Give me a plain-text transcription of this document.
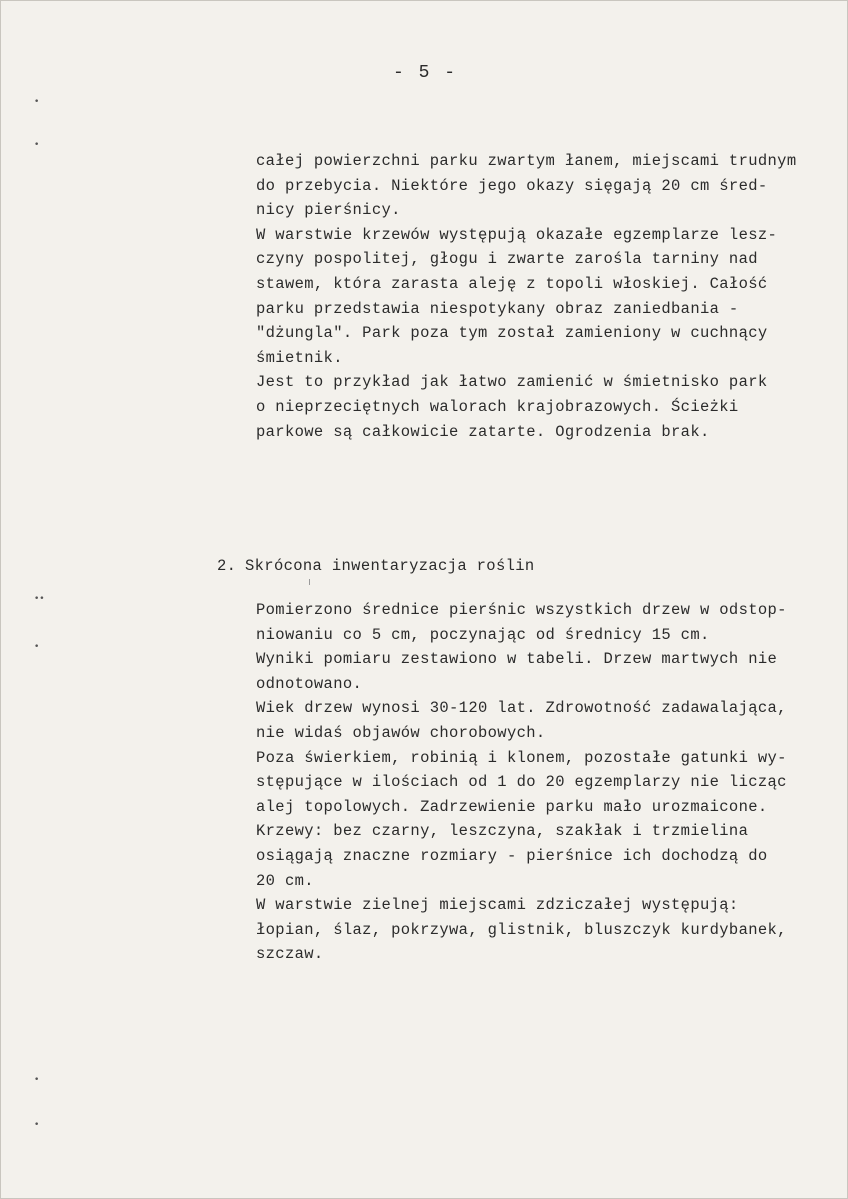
•
•
••
•
•
•
- 5 -
całej powierzchni parku zwartym łanem, miejscami trudnym
do przebycia. Niektóre jego okazy sięgają 20 cm śred-
nicy pierśnicy.
W warstwie krzewów występują okazałe egzemplarze lesz-
czyny pospolitej, głogu i zwarte zarośla tarniny nad
stawem, która zarasta aleję z topoli włoskiej. Całość
parku przedstawia niespotykany obraz zaniedbania -
"dżungla". Park poza tym został zamieniony w cuchnący
śmietnik.
Jest to przykład jak łatwo zamienić w śmietnisko park
o nieprzeciętnych walorach krajobrazowych. Ścieżki
parkowe są całkowicie zatarte. Ogrodzenia brak.
2. Skrócona inwentaryzacja roślin
Pomierzono średnice pierśnic wszystkich drzew w odstop-
niowaniu co 5 cm, poczynając od średnicy 15 cm.
Wyniki pomiaru zestawiono w tabeli. Drzew martwych nie
odnotowano.
Wiek drzew wynosi 30-120 lat. Zdrowotność zadawalająca,
nie widaś objawów chorobowych.
Poza świerkiem, robinią i klonem, pozostałe gatunki wy-
stępujące w ilościach od 1 do 20 egzemplarzy nie licząc
alej topolowych. Zadrzewienie parku mało urozmaicone.
Krzewy: bez czarny, leszczyna, szakłak i trzmielina
osiągają znaczne rozmiary - pierśnice ich dochodzą do
20 cm.
W warstwie zielnej miejscami zdziczałej występują:
łopian, ślaz, pokrzywa, glistnik, bluszczyk kurdybanek,
szczaw.
